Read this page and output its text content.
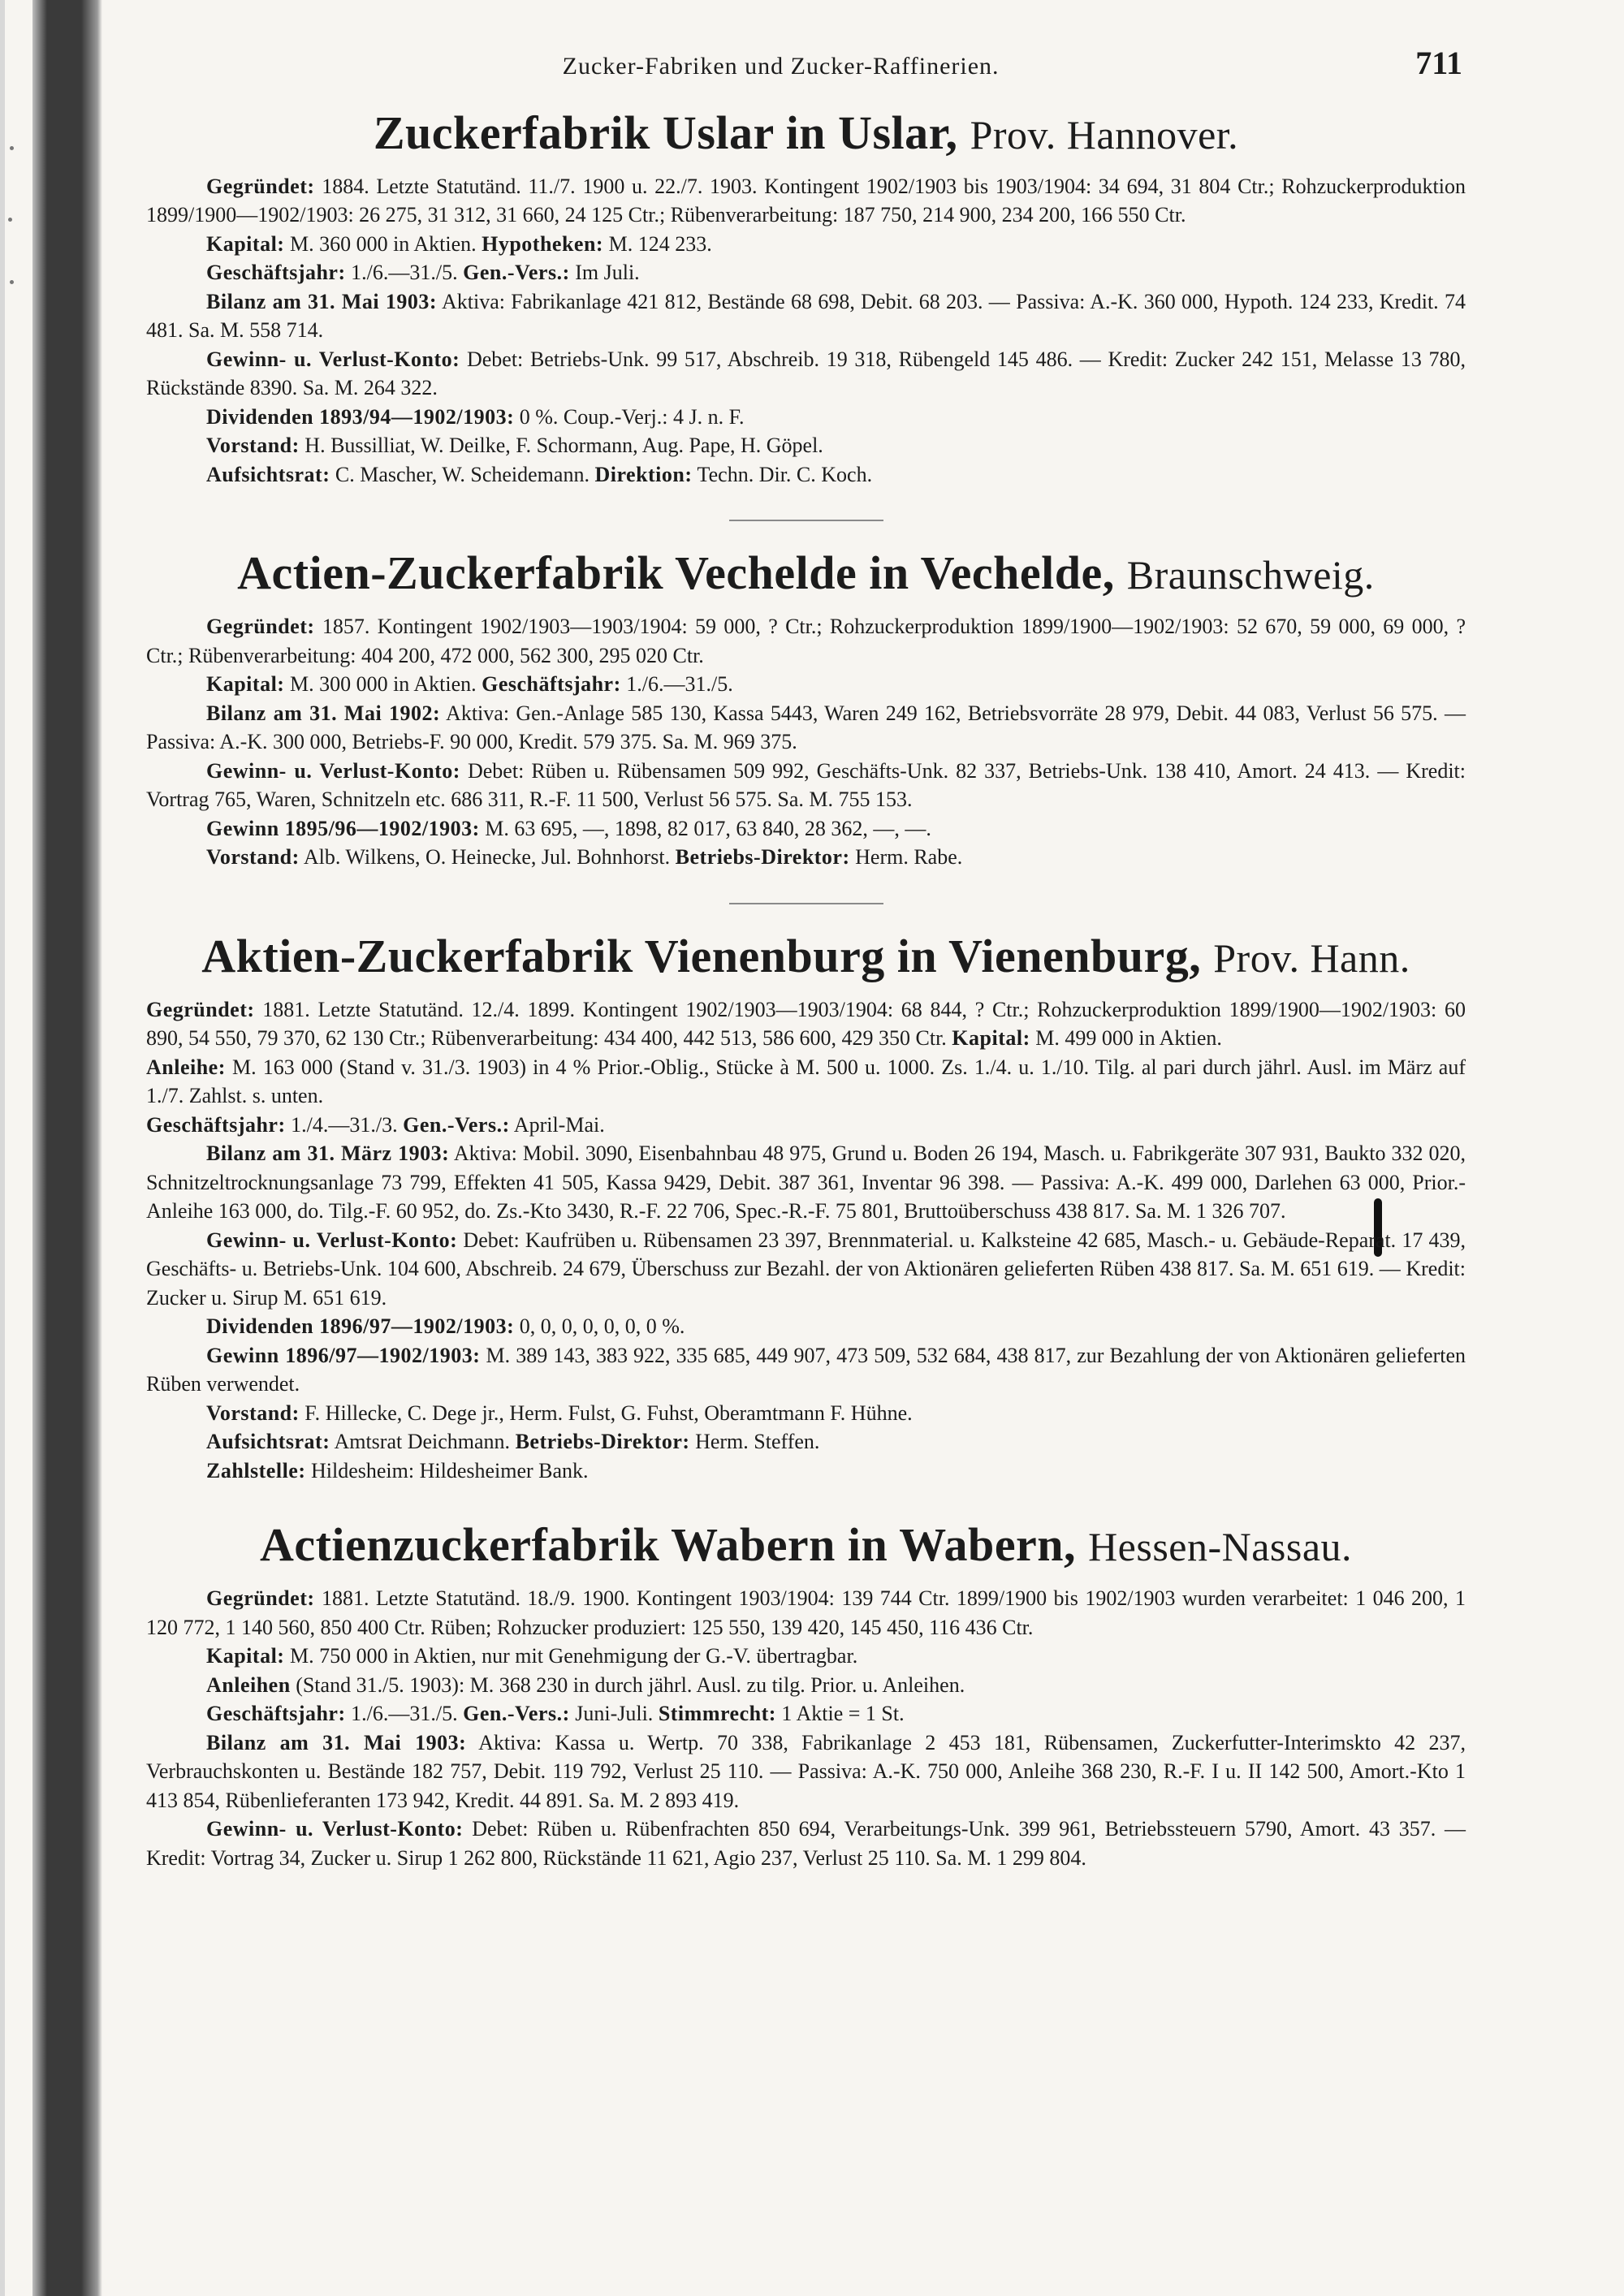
Zucker-Fabriken und Zucker-Raffinerien.	711
Zuckerfabrik Uslar in Uslar, Prov. Hannover.

Gegründet: 1884. Letzte Statutänd. 11./7. 1900 u. 22./7. 1903. Kontingent 1902/1903 bis 1903/1904: 34 694, 31 804 Ctr.; Rohzuckerproduktion 1899/1900—1902/1903: 26 275, 31 312, 31 660, 24 125 Ctr.; Rübenverarbeitung: 187 750, 214 900, 234 200, 166 550 Ctr.

Kapital: M. 360 000 in Aktien. Hypotheken: M. 124 233.

Geschäftsjahr: 1./6.—31./5. Gen.-Vers.: Im Juli.

Bilanz am 31. Mai 1903: Aktiva: Fabrikanlage 421 812, Bestände 68 698, Debit. 68 203. — Passiva: A.-K. 360 000, Hypoth. 124 233, Kredit. 74 481. Sa. M. 558 714.

Gewinn- u. Verlust-Konto: Debet: Betriebs-Unk. 99 517, Abschreib. 19 318, Rübengeld 145 486. — Kredit: Zucker 242 151, Melasse 13 780, Rückstände 8390. Sa. M. 264 322.

Dividenden 1893/94—1902/1903: 0 %. Coup.-Verj.: 4 J. n. F.

Vorstand: H. Bussilliat, W. Deilke, F. Schormann, Aug. Pape, H. Göpel.

Aufsichtsrat: C. Mascher, W. Scheidemann. Direktion: Techn. Dir. C. Koch.

Actien-Zuckerfabrik Vechelde in Vechelde, Braunschweig.

Gegründet: 1857. Kontingent 1902/1903—1903/1904: 59 000, ? Ctr.; Rohzuckerproduktion 1899/1900—1902/1903: 52 670, 59 000, 69 000, ? Ctr.; Rübenverarbeitung: 404 200, 472 000, 562 300, 295 020 Ctr.

Kapital: M. 300 000 in Aktien. Geschäftsjahr: 1./6.—31./5.

Bilanz am 31. Mai 1902: Aktiva: Gen.-Anlage 585 130, Kassa 5443, Waren 249 162, Betriebsvorräte 28 979, Debit. 44 083, Verlust 56 575. — Passiva: A.-K. 300 000, Betriebs-F. 90 000, Kredit. 579 375. Sa. M. 969 375.

Gewinn- u. Verlust-Konto: Debet: Rüben u. Rübensamen 509 992, Geschäfts-Unk. 82 337, Betriebs-Unk. 138 410, Amort. 24 413. — Kredit: Vortrag 765, Waren, Schnitzeln etc. 686 311, R.-F. 11 500, Verlust 56 575. Sa. M. 755 153.

Gewinn 1895/96—1902/1903: M. 63 695, —, 1898, 82 017, 63 840, 28 362, —, —.

Vorstand: Alb. Wilkens, O. Heinecke, Jul. Bohnhorst. Betriebs-Direktor: Herm. Rabe.

Aktien-Zuckerfabrik Vienenburg in Vienenburg, Prov. Hann.

Gegründet: 1881. Letzte Statutänd. 12./4. 1899. Kontingent 1902/1903—1903/1904: 68 844, ? Ctr.; Rohzuckerproduktion 1899/1900—1902/1903: 60 890, 54 550, 79 370, 62 130 Ctr.; Rübenverarbeitung: 434 400, 442 513, 586 600, 429 350 Ctr. Kapital: M. 499 000 in Aktien.

Anleihe: M. 163 000 (Stand v. 31./3. 1903) in 4 % Prior.-Oblig., Stücke à M. 500 u. 1000. Zs. 1./4. u. 1./10. Tilg. al pari durch jährl. Ausl. im März auf 1./7. Zahlst. s. unten.

Geschäftsjahr: 1./4.—31./3. Gen.-Vers.: April-Mai.

Bilanz am 31. März 1903: Aktiva: Mobil. 3090, Eisenbahnbau 48 975, Grund u. Boden 26 194, Masch. u. Fabrikgeräte 307 931, Baukto 332 020, Schnitzeltrocknungsanlage 73 799, Effekten 41 505, Kassa 9429, Debit. 387 361, Inventar 96 398. — Passiva: A.-K. 499 000, Darlehen 63 000, Prior.-Anleihe 163 000, do. Tilg.-F. 60 952, do. Zs.-Kto 3430, R.-F. 22 706, Spec.-R.-F. 75 801, Bruttoüberschuss 438 817. Sa. M. 1 326 707.

Gewinn- u. Verlust-Konto: Debet: Kaufrüben u. Rübensamen 23 397, Brennmaterial. u. Kalksteine 42 685, Masch.- u. Gebäude-Reparat. 17 439, Geschäfts- u. Betriebs-Unk. 104 600, Abschreib. 24 679, Überschuss zur Bezahl. der von Aktionären gelieferten Rüben 438 817. Sa. M. 651 619. — Kredit: Zucker u. Sirup M. 651 619.

Dividenden 1896/97—1902/1903: 0, 0, 0, 0, 0, 0, 0 %.

Gewinn 1896/97—1902/1903: M. 389 143, 383 922, 335 685, 449 907, 473 509, 532 684, 438 817, zur Bezahlung der von Aktionären gelieferten Rüben verwendet.

Vorstand: F. Hillecke, C. Dege jr., Herm. Fulst, G. Fuhst, Oberamtmann F. Hühne.

Aufsichtsrat: Amtsrat Deichmann. Betriebs-Direktor: Herm. Steffen.

Zahlstelle: Hildesheim: Hildesheimer Bank.

Actienzuckerfabrik Wabern in Wabern, Hessen-Nassau.

Gegründet: 1881. Letzte Statutänd. 18./9. 1900. Kontingent 1903/1904: 139 744 Ctr. 1899/1900 bis 1902/1903 wurden verarbeitet: 1 046 200, 1 120 772, 1 140 560, 850 400 Ctr. Rüben; Rohzucker produziert: 125 550, 139 420, 145 450, 116 436 Ctr.

Kapital: M. 750 000 in Aktien, nur mit Genehmigung der G.-V. übertragbar.

Anleihen (Stand 31./5. 1903): M. 368 230 in durch jährl. Ausl. zu tilg. Prior. u. Anleihen.

Geschäftsjahr: 1./6.—31./5. Gen.-Vers.: Juni-Juli. Stimmrecht: 1 Aktie = 1 St.

Bilanz am 31. Mai 1903: Aktiva: Kassa u. Wertp. 70 338, Fabrikanlage 2 453 181, Rübensamen, Zuckerfutter-Interimskto 42 237, Verbrauchskonten u. Bestände 182 757, Debit. 119 792, Verlust 25 110. — Passiva: A.-K. 750 000, Anleihe 368 230, R.-F. I u. II 142 500, Amort.-Kto 1 413 854, Rübenlieferanten 173 942, Kredit. 44 891. Sa. M. 2 893 419.

Gewinn- u. Verlust-Konto: Debet: Rüben u. Rübenfrachten 850 694, Verarbeitungs-Unk. 399 961, Betriebssteuern 5790, Amort. 43 357. — Kredit: Vortrag 34, Zucker u. Sirup 1 262 800, Rückstände 11 621, Agio 237, Verlust 25 110. Sa. M. 1 299 804.
